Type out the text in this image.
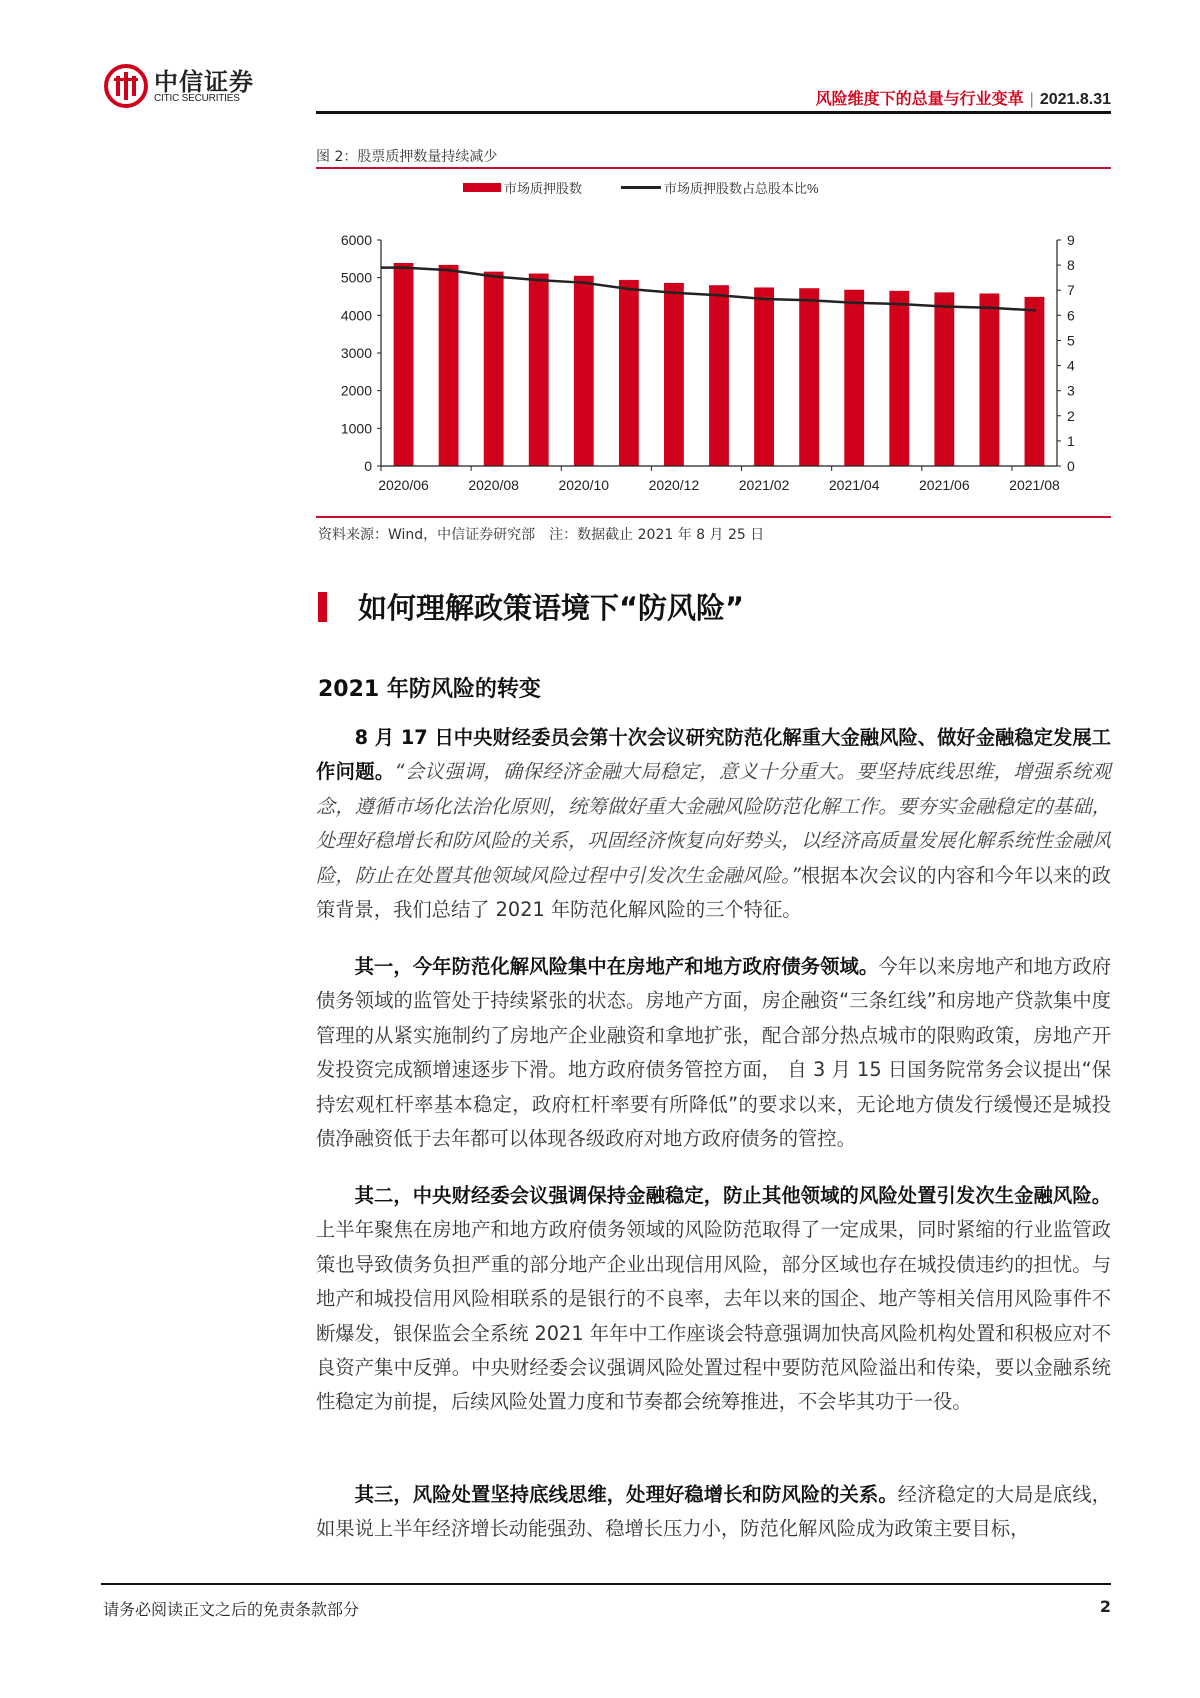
中信证券
CITIC SECURITIES	风险维度下的总量与行业变革 | 2021.8.31
图 2：股票质押数量持续减少
市场质押股数	市场质押股数占总股本比%
0
1000
2000
3000
4000
5000
6000
0
1
2
3
4
5
6
7
8
9
2020/06	2020/08	2020/10	2020/12	2021/02	2021/04	2021/06	2021/08
资料来源：Wind，中信证券研究部　注：数据截止 2021 年 8 月 25 日
如何理解政策语境下“防风险”
2021 年防风险的转变
8 月 17 日中央财经委员会第十次会议研究防范化解重大金融风险、做好金融稳定发展工作问题。“会议强调，确保经济金融大局稳定，意义十分重大。要坚持底线思维，增强系统观念，遵循市场化法治化原则，统筹做好重大金融风险防范化解工作。要夯实金融稳定的基础，处理好稳增长和防风险的关系，巩固经济恢复向好势头，以经济高质量发展化解系统性金融风险，防止在处置其他领域风险过程中引发次生金融风险。”根据本次会议的内容和今年以来的政策背景，我们总结了 2021 年防范化解风险的三个特征。
其一，今年防范化解风险集中在房地产和地方政府债务领域。今年以来房地产和地方政府债务领域的监管处于持续紧张的状态。房地产方面，房企融资“三条红线”和房地产贷款集中度管理的从紧实施制约了房地产企业融资和拿地扩张，配合部分热点城市的限购政策，房地产开发投资完成额增速逐步下滑。地方政府债务管控方面， 自 3 月 15 日国务院常务会议提出“保持宏观杠杆率基本稳定，政府杠杆率要有所降低”的要求以来，无论地方债发行缓慢还是城投债净融资低于去年都可以体现各级政府对地方政府债务的管控。
其二，中央财经委会议强调保持金融稳定，防止其他领域的风险处置引发次生金融风险。上半年聚焦在房地产和地方政府债务领域的风险防范取得了一定成果，同时紧缩的行业监管政策也导致债务负担严重的部分地产企业出现信用风险，部分区域也存在城投债违约的担忧。与地产和城投信用风险相联系的是银行的不良率，去年以来的国企、地产等相关信用风险事件不断爆发，银保监会全系统 2021 年年中工作座谈会特意强调加快高风险机构处置和积极应对不良资产集中反弹。中央财经委会议强调风险处置过程中要防范风险溢出和传染，要以金融系统性稳定为前提，后续风险处置力度和节奏都会统筹推进，不会毕其功于一役。
其三，风险处置坚持底线思维，处理好稳增长和防风险的关系。经济稳定的大局是底线，如果说上半年经济增长动能强劲、稳增长压力小，防范化解风险成为政策主要目标，
请务必阅读正文之后的免责条款部分	2
